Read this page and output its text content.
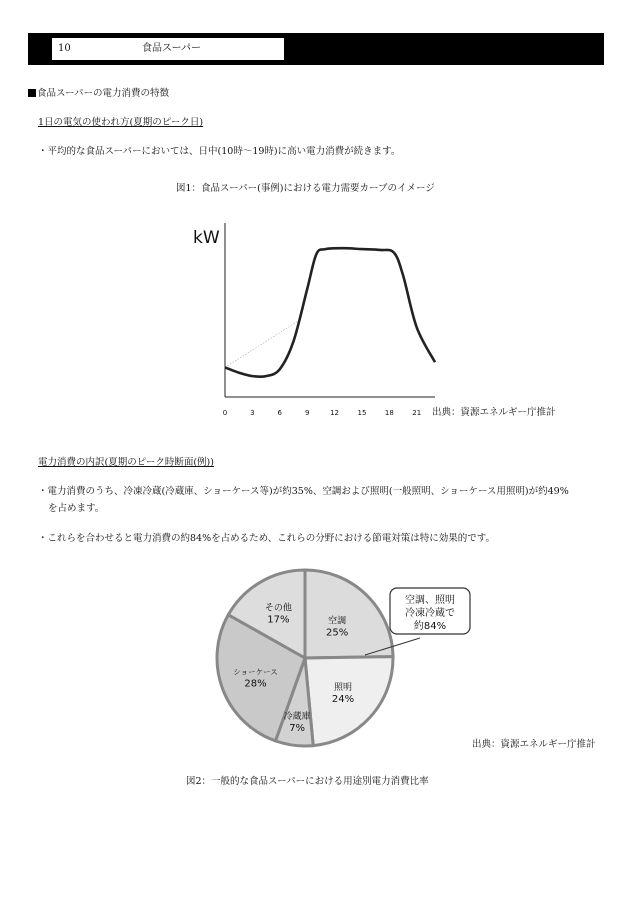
10	食品スーパー
食品スーパーの電力消費の特徴
1日の電気の使われ方(夏期のピーク日)
・平均的な食品スーパーにおいては、日中(10時〜19時)に高い電力消費が続きます。
図1：食品スーパー(事例)における電力需要カーブのイメージ
kW
0	3	6	9	12	15	18	21 出典：資源エネルギー庁推計
電力消費の内訳(夏期のピーク時断面(例))
・電力消費のうち、冷凍冷蔵(冷蔵庫、ショーケース等)が約35%、空調および照明(一般照明、ショーケース用照明)が約49%
を占めます。
・これらを合わせると電力消費の約84%を占めるため、これらの分野における節電対策は特に効果的です。
空調
25%
照明
24%
冷蔵庫
7%
ショーケース
28%
その他
17%
空調、照明
冷凍冷蔵で
約84%
出典：資源エネルギー庁推計
図2：一般的な食品スーパーにおける用途別電力消費比率
